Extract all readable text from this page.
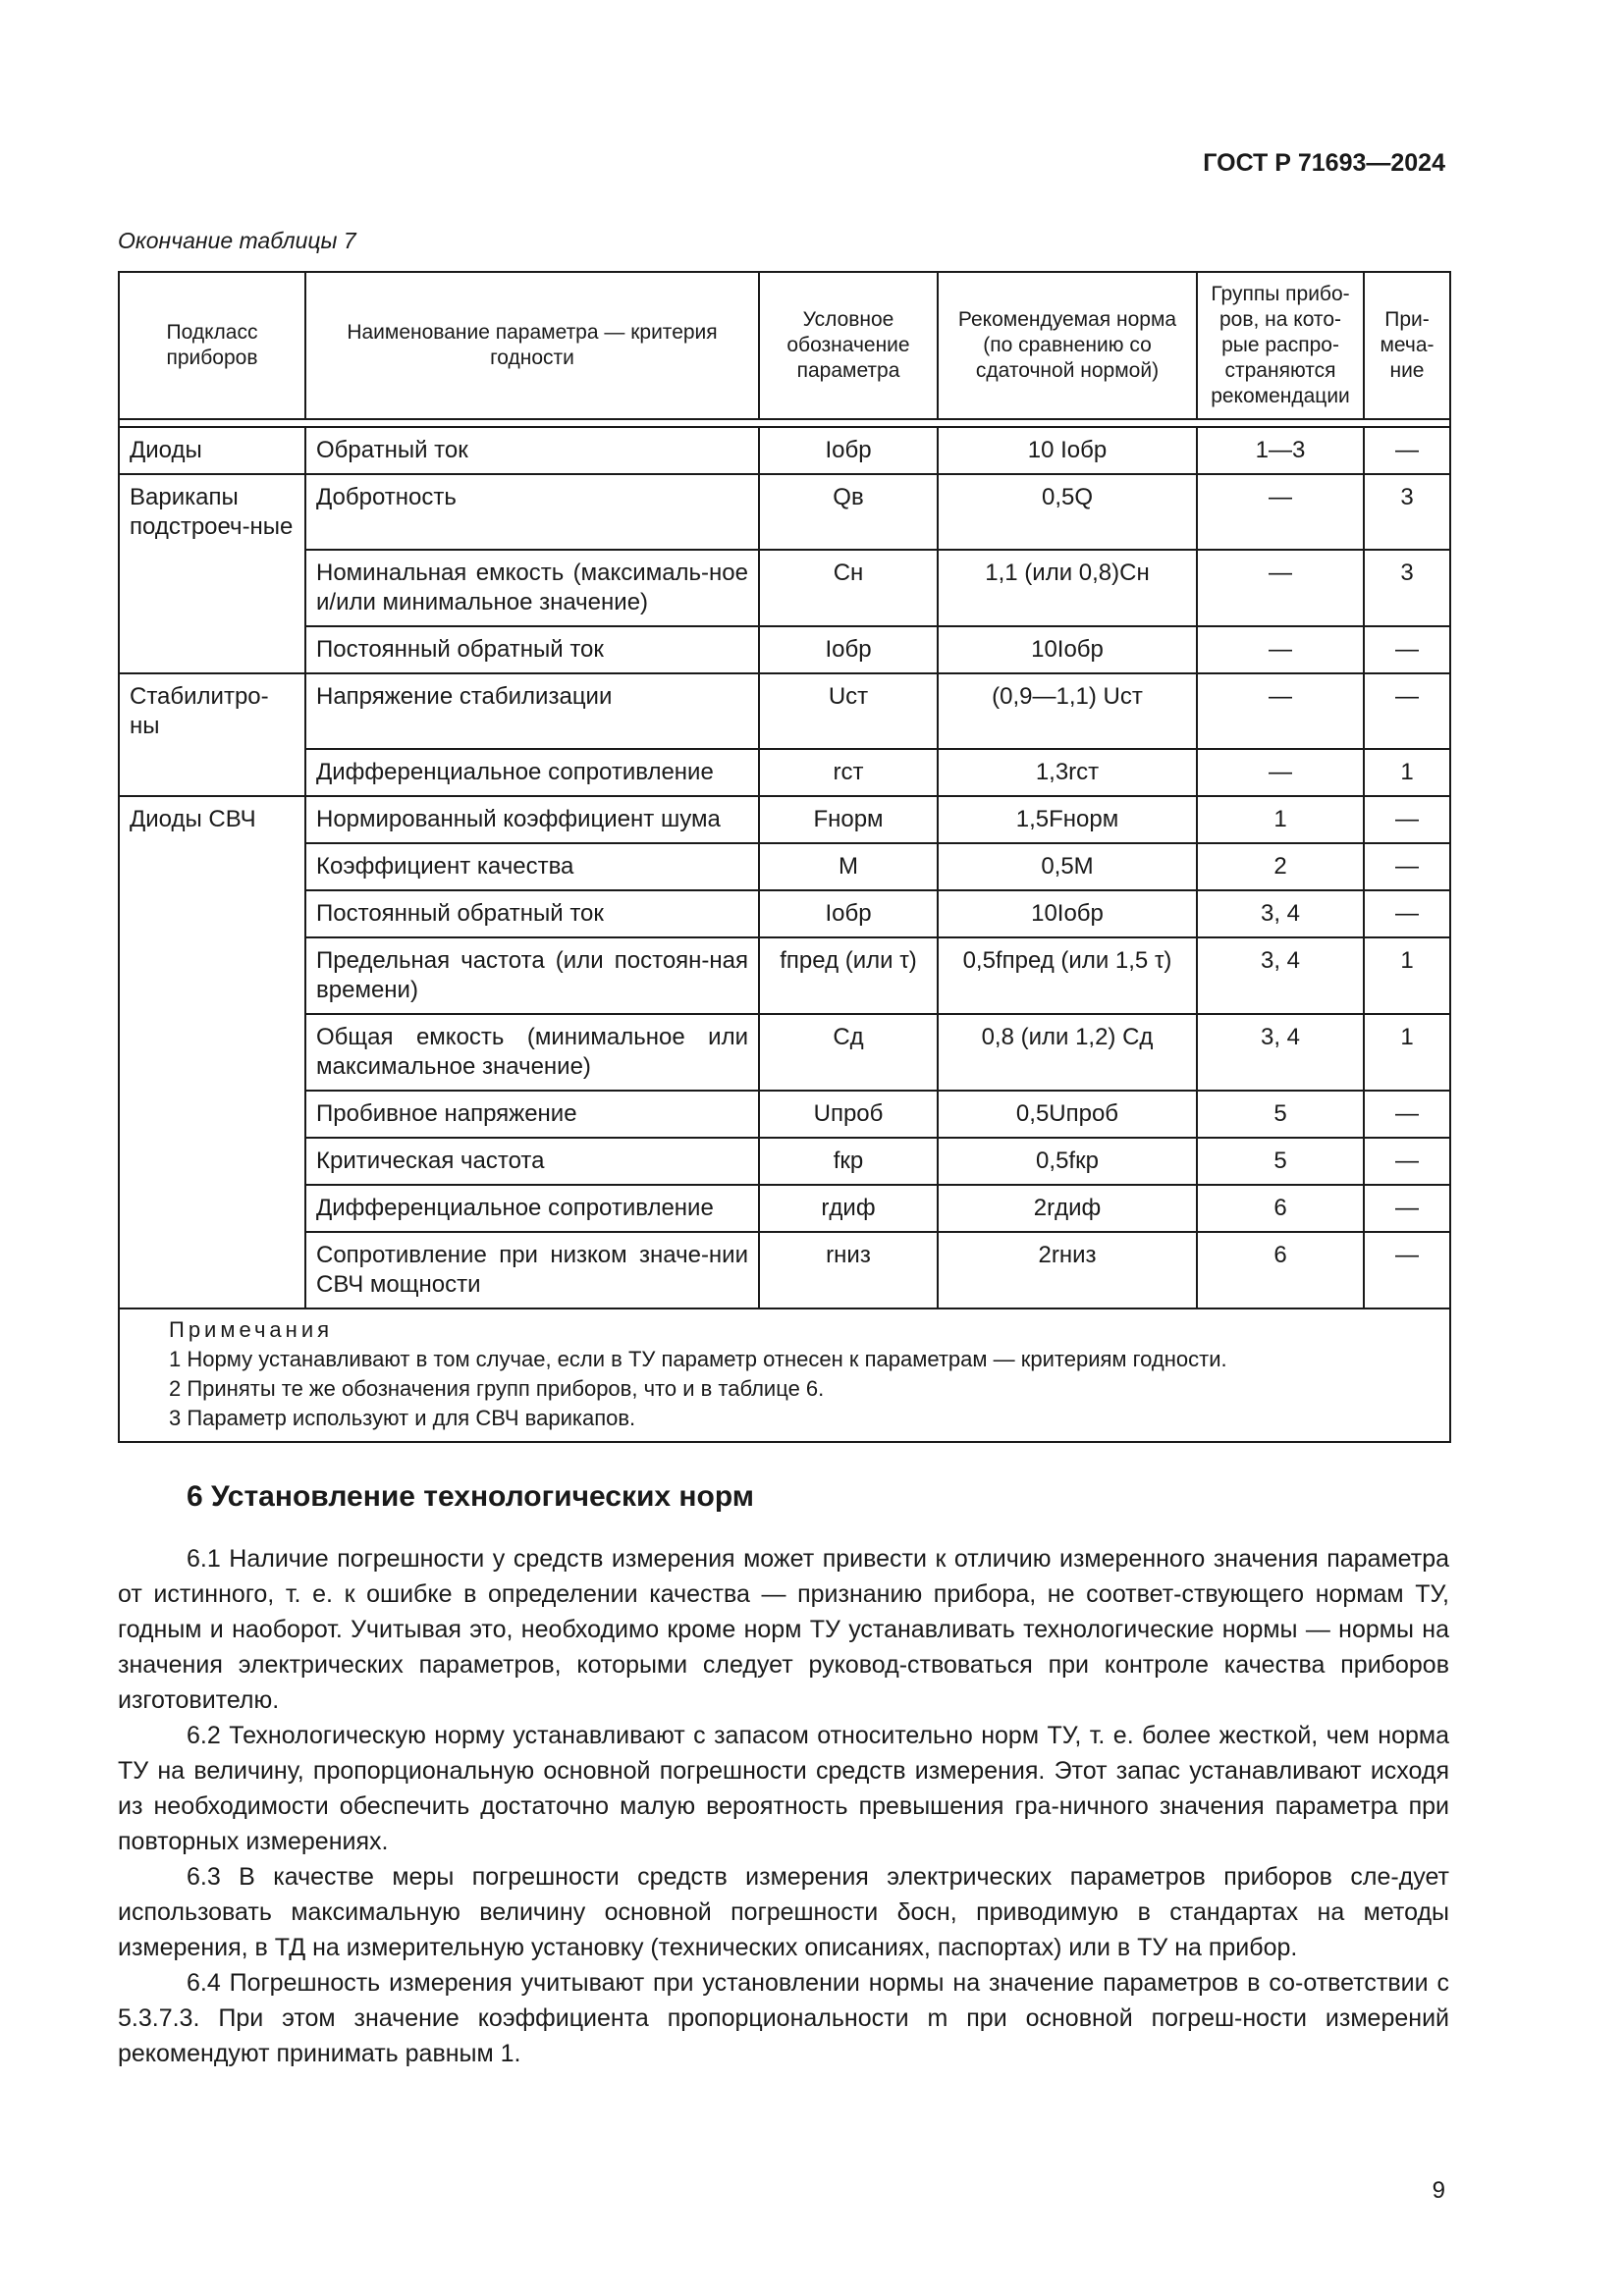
ГОСТ Р 71693—2024
Окончание таблицы 7
Подкласс приборов	Наименование параметра — критерия годности	Условное обозначение параметра	Рекомендуемая норма (по сравнению со сдаточной нормой)	Группы прибо-ров, на кото-рые распро-страняются рекомендации	При-меча-ние

Диоды	Обратный ток	Iобр	10 Iобр	1—3	—
Варикапы подстроеч-ные	Добротность	Qв	0,5Q	—	3
	Номинальная емкость (максималь-ное и/или минимальное значение)	Cн	1,1 (или 0,8)Cн	—	3
	Постоянный обратный ток	Iобр	10Iобр	—	—
Стабилитро-ны	Напряжение стабилизации	Uст	(0,9—1,1) Uст	—	—
	Дифференциальное сопротивление	rст	1,3rст	—	1
Диоды СВЧ	Нормированный коэффициент шума	Fнорм	1,5Fнорм	1	—
	Коэффициент качества	M	0,5M	2	—
	Постоянный обратный ток	Iобр	10Iобр	3, 4	—
	Предельная частота (или постоян-ная времени)	fпред (или τ)	0,5fпред (или 1,5 τ)	3, 4	1
	Общая емкость (минимальное или максимальное значение)	Cд	0,8 (или 1,2) Cд	3, 4	1
	Пробивное напряжение	Uпроб	0,5Uпроб	5	—
	Критическая частота	fкр	0,5fкр	5	—
	Дифференциальное сопротивление	rдиф	2rдиф	6	—
	Сопротивление при низком значе-нии СВЧ мощности	rниз	2rниз	6	—

Примечания
1 Норму устанавливают в том случае, если в ТУ параметр отнесен к параметрам — критериям годности.
2 Приняты те же обозначения групп приборов, что и в таблице 6.
3 Параметр используют и для СВЧ варикапов.					
6 Установление технологических норм

6.1 Наличие погрешности у средств измерения может привести к отличию измеренного значения параметра от истинного, т. е. к ошибке в определении качества — признанию прибора, не соответ-ствующего нормам ТУ, годным и наоборот. Учитывая это, необходимо кроме норм ТУ устанавливать технологические нормы — нормы на значения электрических параметров, которыми следует руковод-ствоваться при контроле качества приборов изготовителю.

6.2 Технологическую норму устанавливают с запасом относительно норм ТУ, т. е. более жесткой, чем норма ТУ на величину, пропорциональную основной погрешности средств измерения. Этот запас устанавливают исходя из необходимости обеспечить достаточно малую вероятность превышения гра-ничного значения параметра при повторных измерениях.

6.3 В качестве меры погрешности средств измерения электрических параметров приборов сле-дует использовать максимальную величину основной погрешности δосн, приводимую в стандартах на методы измерения, в ТД на измерительную установку (технических описаниях, паспортах) или в ТУ на прибор.

6.4 Погрешность измерения учитывают при установлении нормы на значение параметров в со-ответствии с 5.3.7.3. При этом значение коэффициента пропорциональности m при основной погреш-ности измерений рекомендуют принимать равным 1.

9
